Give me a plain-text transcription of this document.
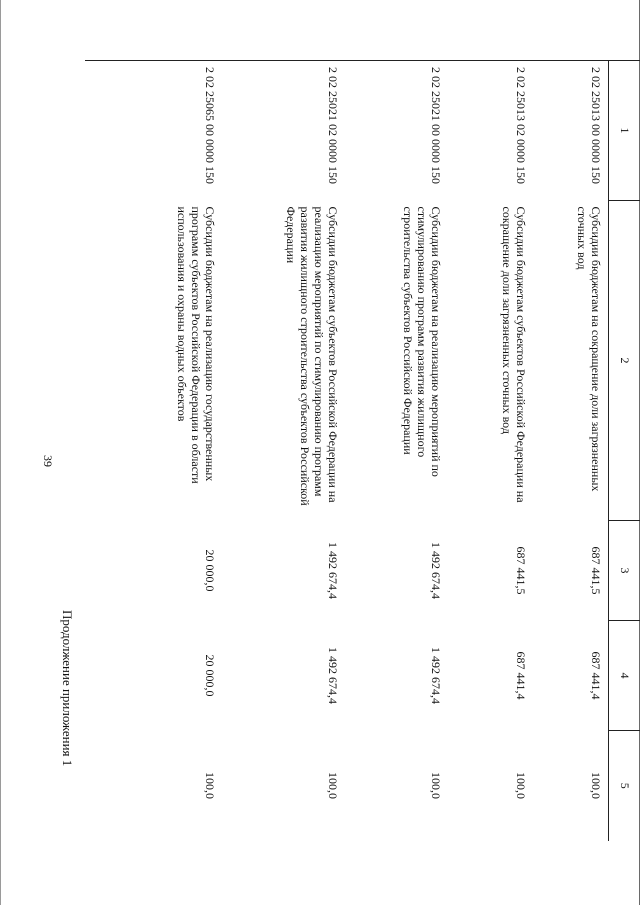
39
Продолжение приложения 1
1	2	3	4	5
2 02 25013 00 0000 150	Субсидии бюджетам на сокращение доли загрязненных сточных вод	687 441,5	687 441,4	100,0
2 02 25013 02 0000 150	Субсидии бюджетам субъектов Российской Федерации на сокращение доли загрязненных сточных вод	687 441,5	687 441,4	100,0
2 02 25021 00 0000 150	Субсидии бюджетам на реализацию мероприятий по стимулированию программ развития жилищного строительства субъектов Российской Федерации	1 492 674,4	1 492 674,4	100,0
2 02 25021 02 0000 150	Субсидии бюджетам субъектов Российской Федерации на реализацию мероприятий по стимулированию программ развития жилищного строительства субъектов Российской Федерации	1 492 674,4	1 492 674,4	100,0
2 02 25065 00 0000 150	Субсидии бюджетам на реализацию государственных программ субъектов Российской Федерации в области использования и охраны водных объектов	20 000,0	20 000,0	100,0
